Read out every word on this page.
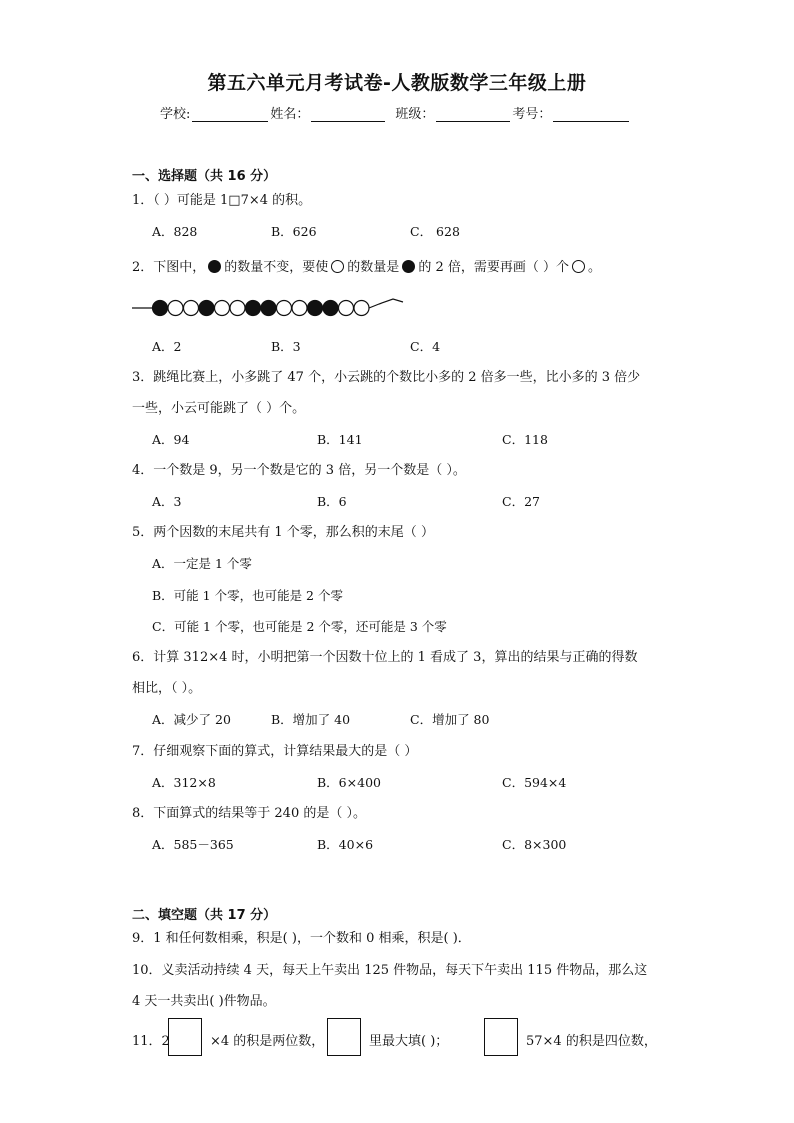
第五六单元月考试卷-人教版数学三年级上册
学校:	姓名：	班级：	考号：
一、选择题（共 16 分）
1．（ ）可能是 1□7×4 的积。
A．828	B．626	C． 628
2．下图中， 的数量不变，要使 的数量是 的 2 倍，需要再画（ ）个 。
A．2	B．3	C．4
3．跳绳比赛上，小多跳了 47 个，小云跳的个数比小多的 2 倍多一些，比小多的 3 倍少
一些，小云可能跳了（ ）个。
A．94	B．141	C．118
4．一个数是 9，另一个数是它的 3 倍，另一个数是（ ）。
A．3	B．6	C．27
5．两个因数的末尾共有 1 个零，那么积的末尾（ ）
A．一定是 1 个零
B．可能 1 个零，也可能是 2 个零
C．可能 1 个零，也可能是 2 个零，还可能是 3 个零
6．计算 312×4 时，小明把第一个因数十位上的 1 看成了 3，算出的结果与正确的得数
相比，（ ）。
A．减少了 20	B．增加了 40	C．增加了 80
7．仔细观察下面的算式，计算结果最大的是（ ）
A．312×8	B．6×400	C．594×4
8．下面算式的结果等于 240 的是（ ）。
A．585－365	B．40×6	C．8×300
二、填空题（共 17 分）
9．1 和任何数相乘，积是( )，一个数和 0 相乘，积是( )．
10．义卖活动持续 4 天，每天上午卖出 125 件物品，每天下午卖出 115 件物品，那么这
4 天一共卖出( )件物品。
11．2	×4 的积是两位数，	里最大填( )；	57×4 的积是四位数，
